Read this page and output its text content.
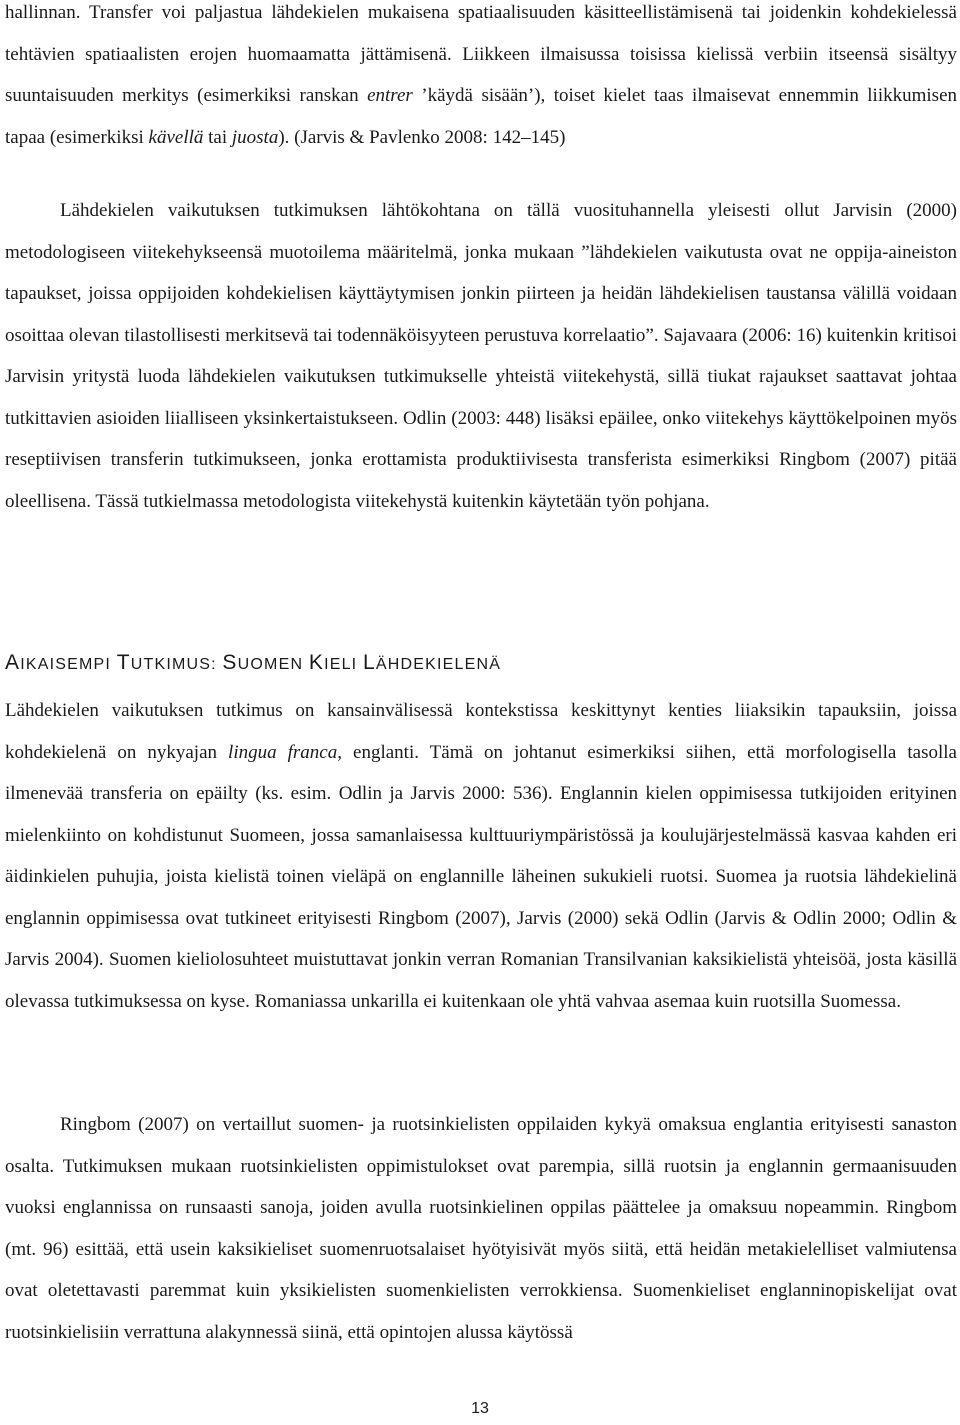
hallinnan. Transfer voi paljastua lähdekielen mukaisena spatiaalisuuden käsitteellistämisenä tai joidenkin kohdekielessä tehtävien spatiaalisten erojen huomaamatta jättämisenä. Liikkeen ilmaisussa toisissa kielissä verbiin itseensä sisältyy suuntaisuuden merkitys (esimerkiksi ranskan entrer ’käydä sisään’), toiset kielet taas ilmaisevat ennemmin liikkumisen tapaa (esimerkiksi kävellä tai juosta). (Jarvis & Pavlenko 2008: 142–145)

Lähdekielen vaikutuksen tutkimuksen lähtökohtana on tällä vuosituhannella yleisesti ollut Jarvisin (2000) metodologiseen viitekehykseensä muotoilema määritelmä, jonka mukaan ”lähdekielen vaikutusta ovat ne oppija-aineiston tapaukset, joissa oppijoiden kohdekielisen käyttäytymisen jonkin piirteen ja heidän lähdekielisen taustansa välillä voidaan osoittaa olevan tilastollisesti merkitsevä tai todennäköisyyteen perustuva korrelaatio”. Sajavaara (2006: 16) kuitenkin kritisoi Jarvisin yritystä luoda lähdekielen vaikutuksen tutkimukselle yhteistä viitekehystä, sillä tiukat rajaukset saattavat johtaa tutkittavien asioiden liialliseen yksinkertaistukseen. Odlin (2003: 448) lisäksi epäilee, onko viitekehys käyttökelpoinen myös reseptiivisen transferin tutkimukseen, jonka erottamista produktiivisesta transferista esimerkiksi Ringbom (2007) pitää oleellisena. Tässä tutkielmassa metodologista viitekehystä kuitenkin käytetään työn pohjana.

AIKAISEMPI TUTKIMUS: SUOMEN KIELI LÄHDEKIELENÄ

Lähdekielen vaikutuksen tutkimus on kansainvälisessä kontekstissa keskittynyt kenties liiaksikin tapauksiin, joissa kohdekielenä on nykyajan lingua franca, englanti. Tämä on johtanut esimerkiksi siihen, että morfologisella tasolla ilmenevää transferia on epäilty (ks. esim. Odlin ja Jarvis 2000: 536). Englannin kielen oppimisessa tutkijoiden erityinen mielenkiinto on kohdistunut Suomeen, jossa samanlaisessa kulttuuriympäristössä ja koulujärjestelmässä kasvaa kahden eri äidinkielen puhujia, joista kielistä toinen vieläpä on englannille läheinen sukukieli ruotsi. Suomea ja ruotsia lähdekielinä englannin oppimisessa ovat tutkineet erityisesti Ringbom (2007), Jarvis (2000) sekä Odlin (Jarvis & Odlin 2000; Odlin & Jarvis 2004). Suomen kieliolosuhteet muistuttavat jonkin verran Romanian Transilvanian kaksikielistä yhteisöä, josta käsillä olevassa tutkimuksessa on kyse. Romaniassa unkarilla ei kuitenkaan ole yhtä vahvaa asemaa kuin ruotsilla Suomessa.

Ringbom (2007) on vertaillut suomen- ja ruotsinkielisten oppilaiden kykyä omaksua englantia erityisesti sanaston osalta. Tutkimuksen mukaan ruotsinkielisten oppimistulokset ovat parempia, sillä ruotsin ja englannin germaanisuuden vuoksi englannissa on runsaasti sanoja, joiden avulla ruotsinkielinen oppilas päättelee ja omaksuu nopeammin. Ringbom (mt. 96) esittää, että usein kaksikieliset suomenruotsalaiset hyötyisivät myös siitä, että heidän metakielelliset valmiutensa ovat oletettavasti paremmat kuin yksikielisten suomenkielisten verrokkiensa. Suomenkieliset englanninopiskelijat ovat ruotsinkielisiin verrattuna alakynnessä siinä, että opintojen alussa käytössä

13
